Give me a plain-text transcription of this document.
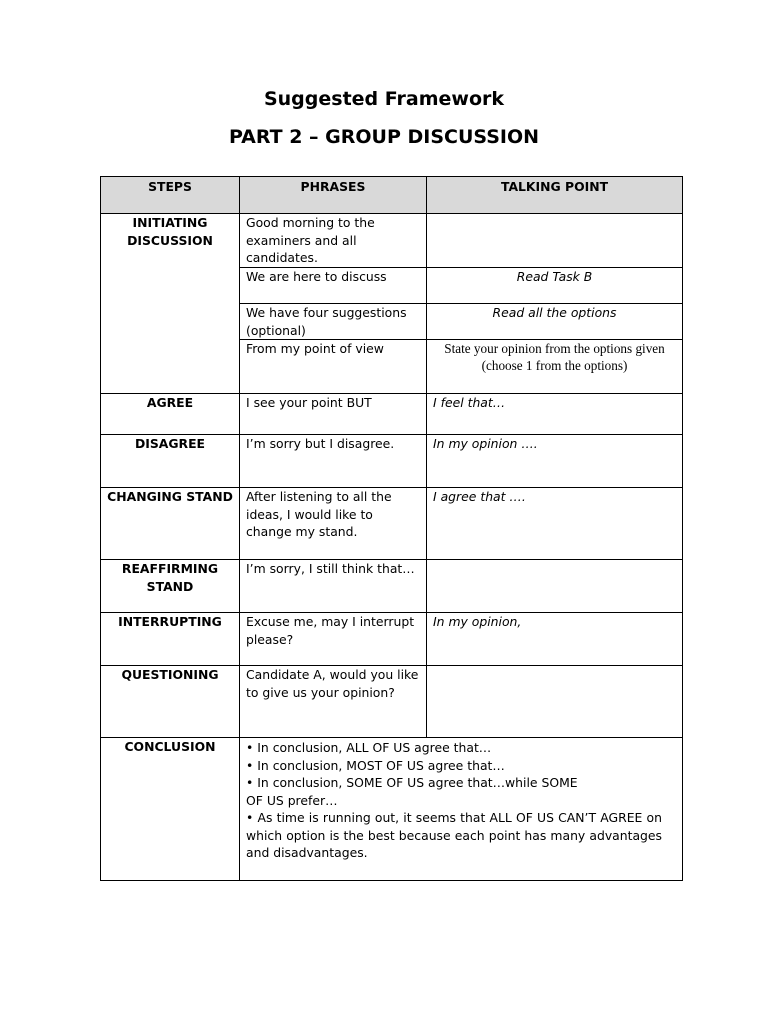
Suggested Framework
PART 2 – GROUP DISCUSSION
STEPS	PHRASES	TALKING POINT

INITIATING DISCUSSION	Good morning to the examiners and all candidates.	

	We are here to discuss	Read Task B

	We have four suggestions (optional)	Read all the options

	From my point of view	State your opinion from the options given (choose 1 from the options)

AGREE	I see your point BUT	I feel that…

DISAGREE	I’m sorry but I disagree.	In my opinion ….

CHANGING STAND	After listening to all the ideas, I would like to change my stand.	I agree that ….

REAFFIRMING STAND	I’m sorry, I still think that…	

INTERRUPTING	Excuse me, may I interrupt please?	In my opinion,

QUESTIONING	Candidate A, would you like to give us your opinion?	

CONCLUSION	• In conclusion, ALL OF US agree that…
• In conclusion, MOST OF US agree that…
• In conclusion, SOME OF US agree that…while SOME OF US prefer…
• As time is running out, it seems that ALL OF US CAN’T AGREE on which option is the best because each point has many advantages and disadvantages.	
